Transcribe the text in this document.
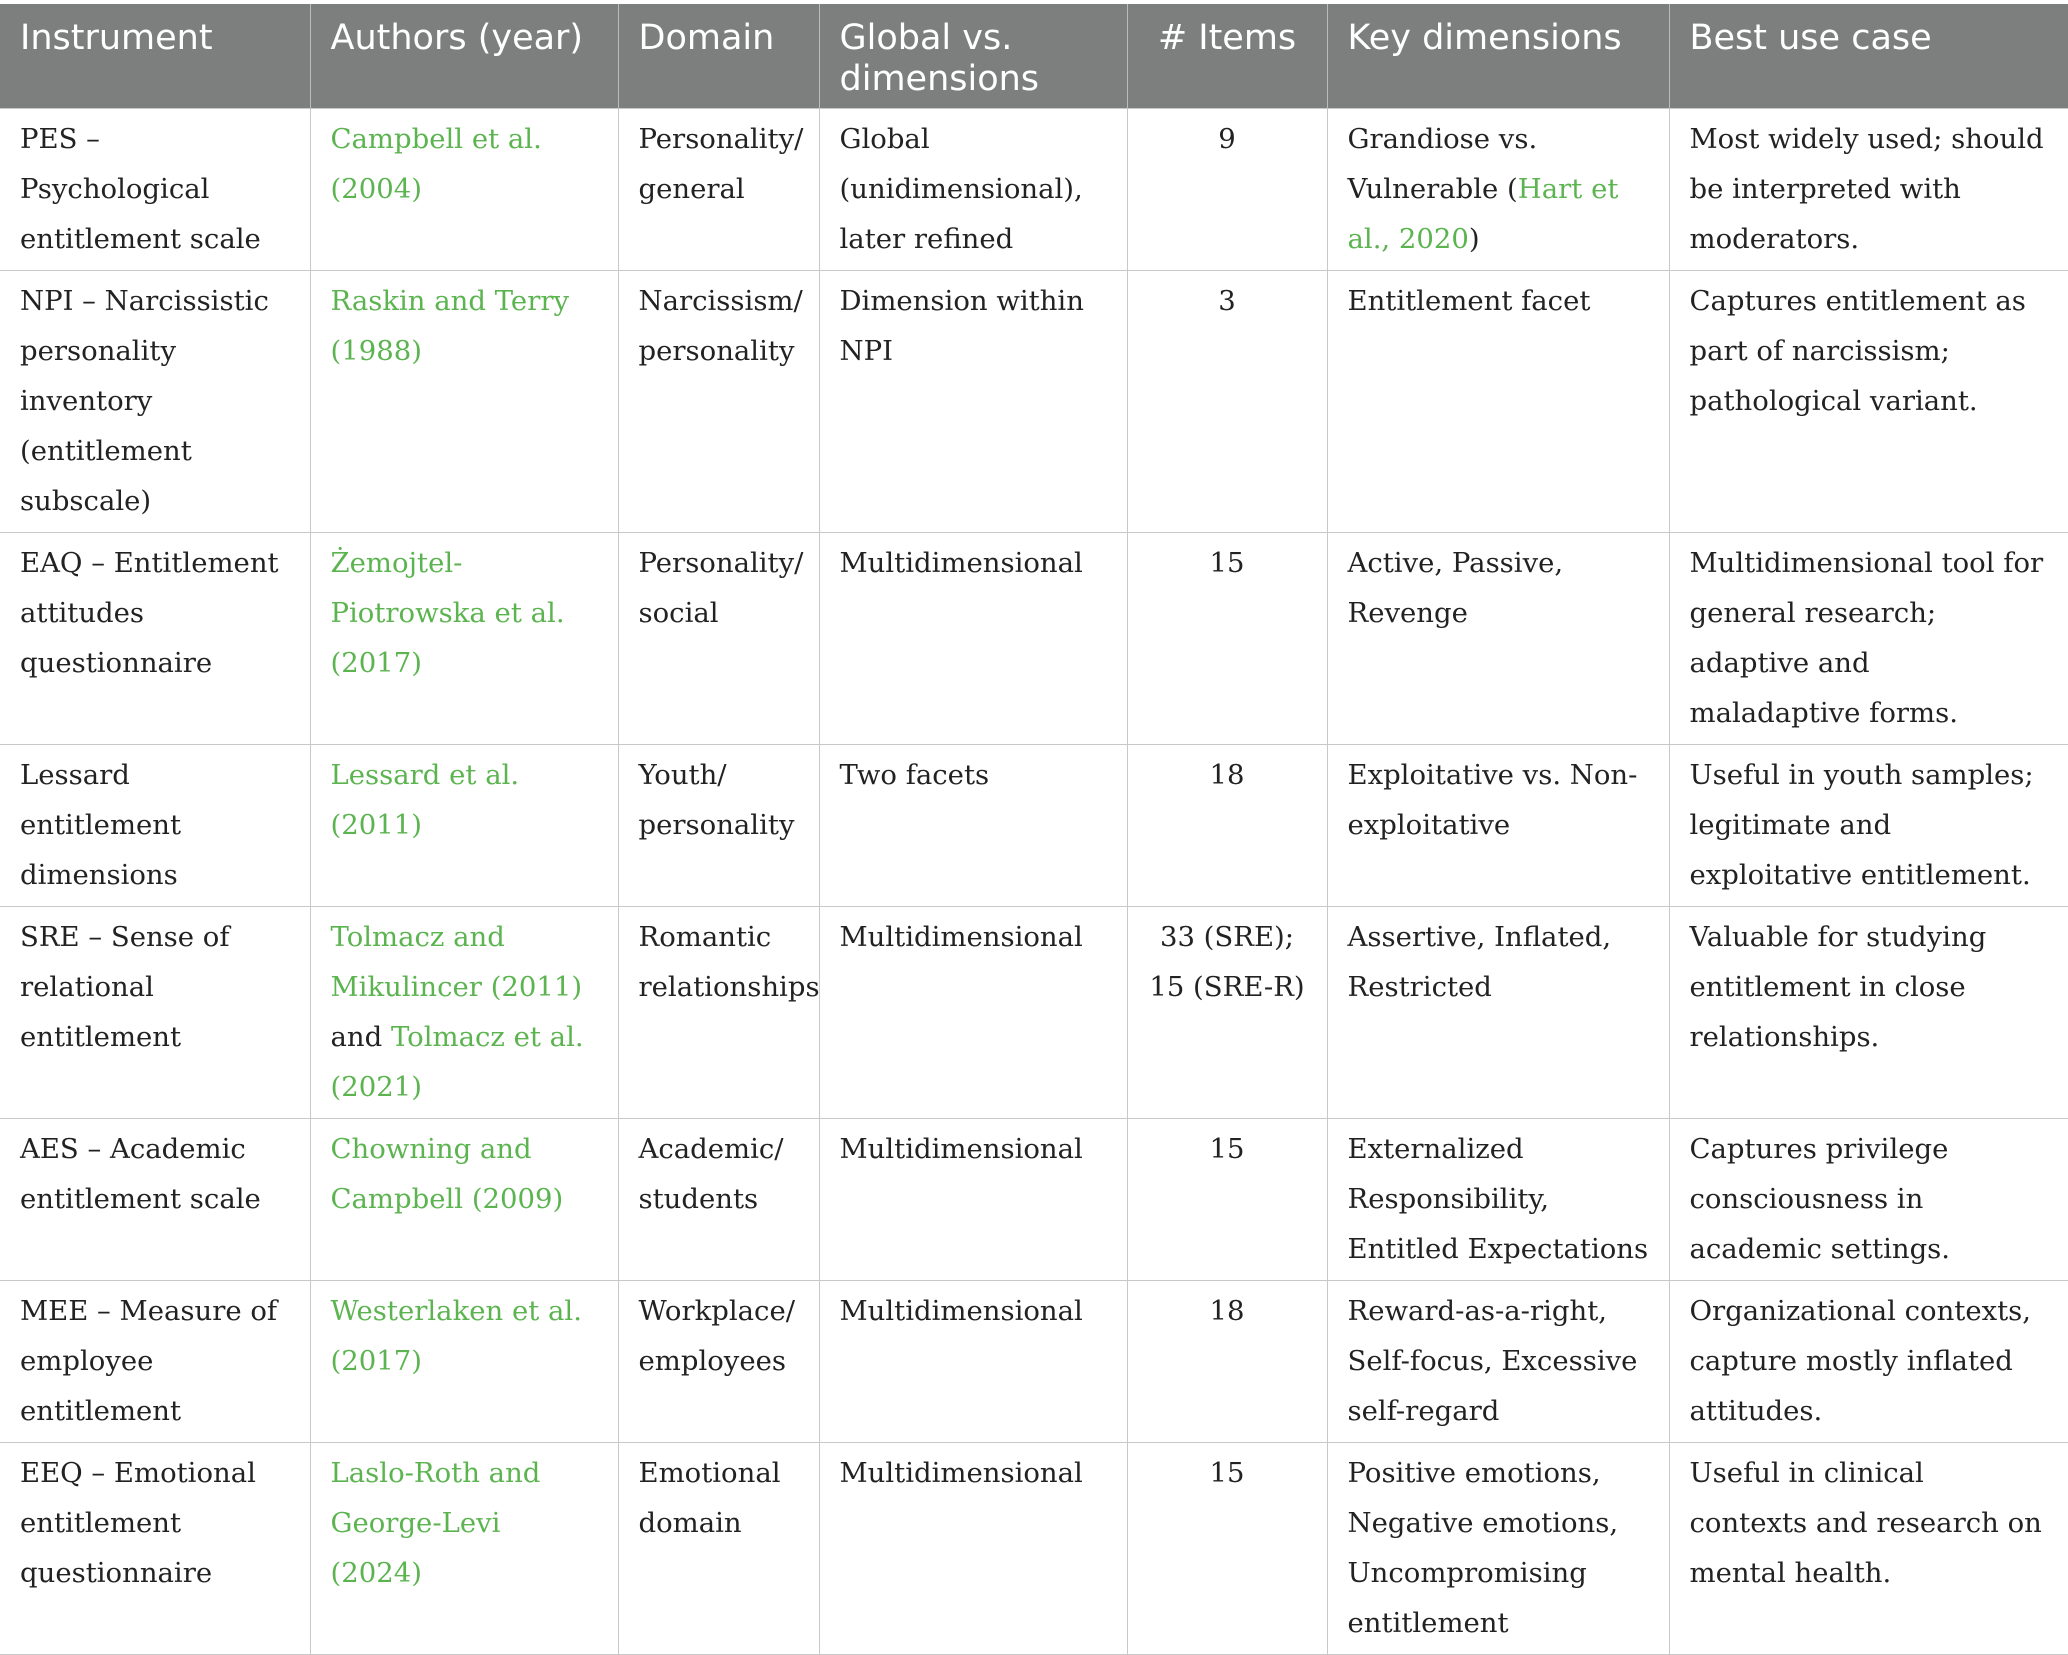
Instrument	Authors (year)	Domain	Global vs. dimensions	# Items	Key dimensions	Best use case
PES – Psychological entitlement scale	Campbell et al. (2004)	Personality/ general	Global (unidimensional), later refined	9	Grandiose vs. Vulnerable (Hart et al., 2020)	Most widely used; should be interpreted with moderators.
NPI – Narcissistic personality inventory (entitlement subscale)	Raskin and Terry (1988)	Narcissism/ personality	Dimension within NPI	3	Entitlement facet	Captures entitlement as part of narcissism; pathological variant.
EAQ – Entitlement attitudes questionnaire	Żemojtel-Piotrowska et al. (2017)	Personality/ social	Multidimensional	15	Active, Passive, Revenge	Multidimensional tool for general research; adaptive and maladaptive forms.
Lessard entitlement dimensions	Lessard et al. (2011)	Youth/ personality	Two facets	18	Exploitative vs. Non-exploitative	Useful in youth samples; legitimate and exploitative entitlement.
SRE – Sense of relational entitlement	Tolmacz and Mikulincer (2011) and Tolmacz et al. (2021)	Romantic relationships	Multidimensional	33 (SRE); 15 (SRE-R)	Assertive, Inflated, Restricted	Valuable for studying entitlement in close relationships.
AES – Academic entitlement scale	Chowning and Campbell (2009)	Academic/ students	Multidimensional	15	Externalized Responsibility, Entitled Expectations	Captures privilege consciousness in academic settings.
MEE – Measure of employee entitlement	Westerlaken et al. (2017)	Workplace/ employees	Multidimensional	18	Reward-as-a-right, Self-focus, Excessive self-regard	Organizational contexts, capture mostly inflated attitudes.
EEQ – Emotional entitlement questionnaire	Laslo-Roth and George-Levi (2024)	Emotional domain	Multidimensional	15	Positive emotions, Negative emotions, Uncompromising entitlement	Useful in clinical contexts and research on mental health.
